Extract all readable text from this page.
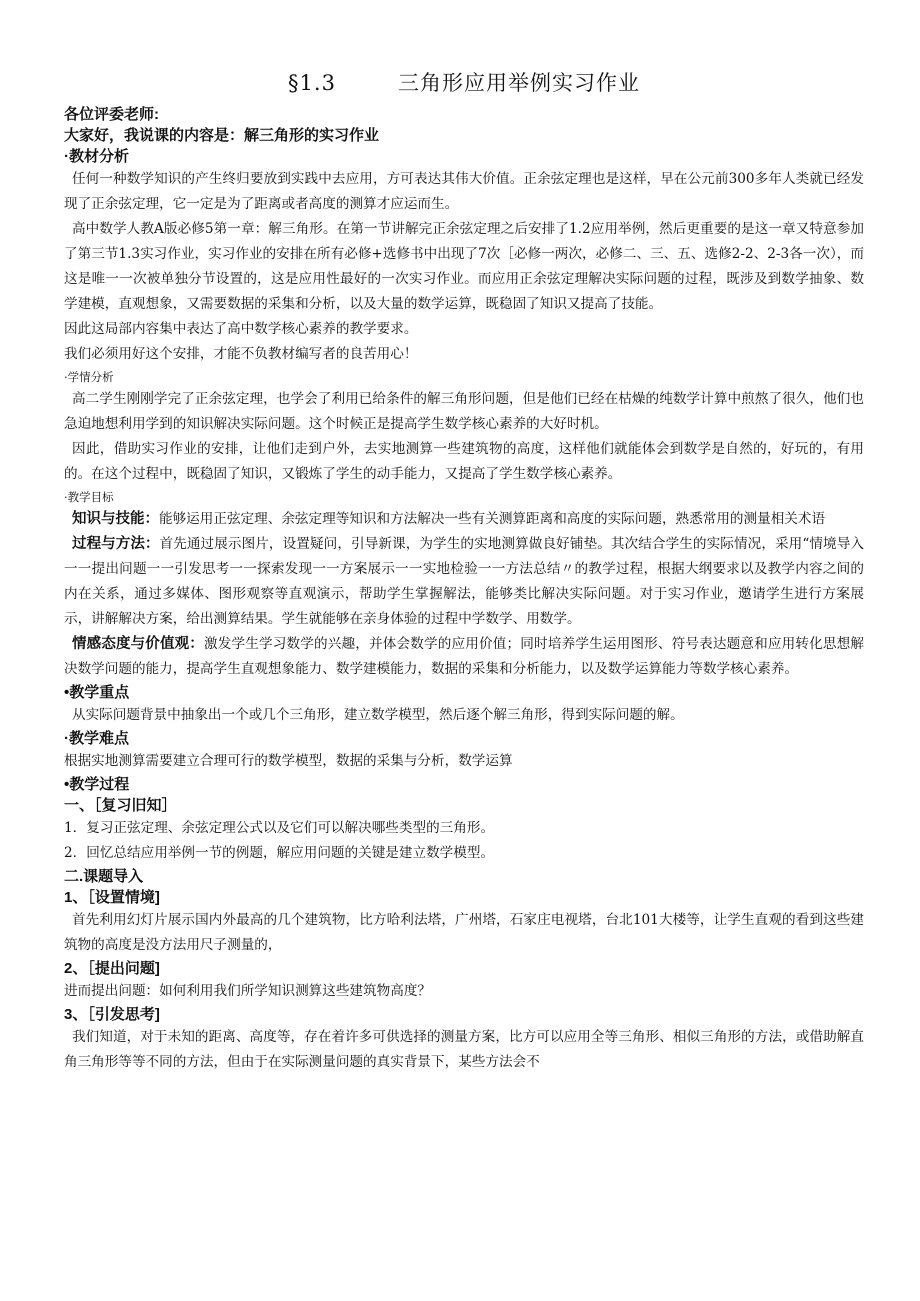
§1.3	三角形应用举例实习作业
各位评委老师:
大家好，我说课的内容是：解三角形的实习作业
·教材分析

任何一种数学知识的产生终归要放到实践中去应用，方可表达其伟大价值。正余弦定理也是这样，早在公元前300多年人类就已经发现了正余弦定理，它一定是为了距离或者高度的测算才应运而生。

高中数学人教A版必修5第一章：解三角形。在第一节讲解完正余弦定理之后安排了1.2应用举例，然后更重要的是这一章又特意参加了第三节1.3实习作业，实习作业的安排在所有必修+选修书中出现了7次［必修一两次，必修二、三、五、选修2-2、2-3各一次），而这是唯一一次被单独分节设置的，这是应用性最好的一次实习作业。而应用正余弦定理解决实际问题的过程，既涉及到数学抽象、数学建模，直观想象，又需要数据的采集和分析，以及大量的数学运算，既稳固了知识又提高了技能。

因此这局部内容集中表达了高中数学核心素养的教学要求。

我们必须用好这个安排，才能不负教材编写者的良苦用心！

·学情分析

高二学生刚刚学完了正余弦定理，也学会了利用已给条件的解三角形问题，但是他们已经在枯燥的纯数学计算中煎熬了很久，他们也急迫地想利用学到的知识解决实际问题。这个时候正是提高学生数学核心素养的大好时机。

因此，借助实习作业的安排，让他们走到户外，去实地测算一些建筑物的高度，这样他们就能体会到数学是自然的，好玩的，有用的。在这个过程中，既稳固了知识，又锻炼了学生的动手能力，又提高了学生数学核心素养。

·教学目标

知识与技能：能够运用正弦定理、余弦定理等知识和方法解决一些有关测算距离和高度的实际问题，熟悉常用的测量相关术语

过程与方法：首先通过展示图片，设置疑问，引导新课，为学生的实地测算做良好铺垫。其次结合学生的实际情况，采用“情境导入一一提出问题一一引发思考一一探索发现一一方案展示一一实地检验一一方法总结〃的教学过程，根据大纲要求以及教学内容之间的内在关系，通过多媒体、图形观察等直观演示，帮助学生掌握解法，能够类比解决实际问题。对于实习作业，邀请学生进行方案展示，讲解解决方案，给出测算结果。学生就能够在亲身体验的过程中学数学、用数学。

情感态度与价值观：激发学生学习数学的兴趣，并体会数学的应用价值；同时培养学生运用图形、符号表达题意和应用转化思想解决数学问题的能力，提高学生直观想象能力、数学建模能力，数据的采集和分析能力，以及数学运算能力等数学核心素养。

•教学重点

从实际问题背景中抽象出一个或几个三角形，建立数学模型，然后逐个解三角形，得到实际问题的解。

·教学难点

根据实地测算需要建立合理可行的数学模型，数据的采集与分析，数学运算

•教学过程
一、［复习旧知］

1．复习正弦定理、余弦定理公式以及它们可以解决哪些类型的三角形。

2．回忆总结应用举例一节的例题，解应用问题的关键是建立数学模型。

二.课题导入
1、［设置情境]

首先利用幻灯片展示国内外最高的几个建筑物，比方哈利法塔，广州塔，石家庄电视塔，台北101大楼等，让学生直观的看到这些建筑物的高度是没方法用尺子测量的，

2、［提出问题]

进而提出问题：如何利用我们所学知识测算这些建筑物高度？

3、［引发思考]

我们知道，对于未知的距离、高度等，存在着许多可供选择的测量方案，比方可以应用全等三角形、相似三角形的方法，或借助解直角三角形等等不同的方法，但由于在实际测量问题的真实背景下，某些方法会不
